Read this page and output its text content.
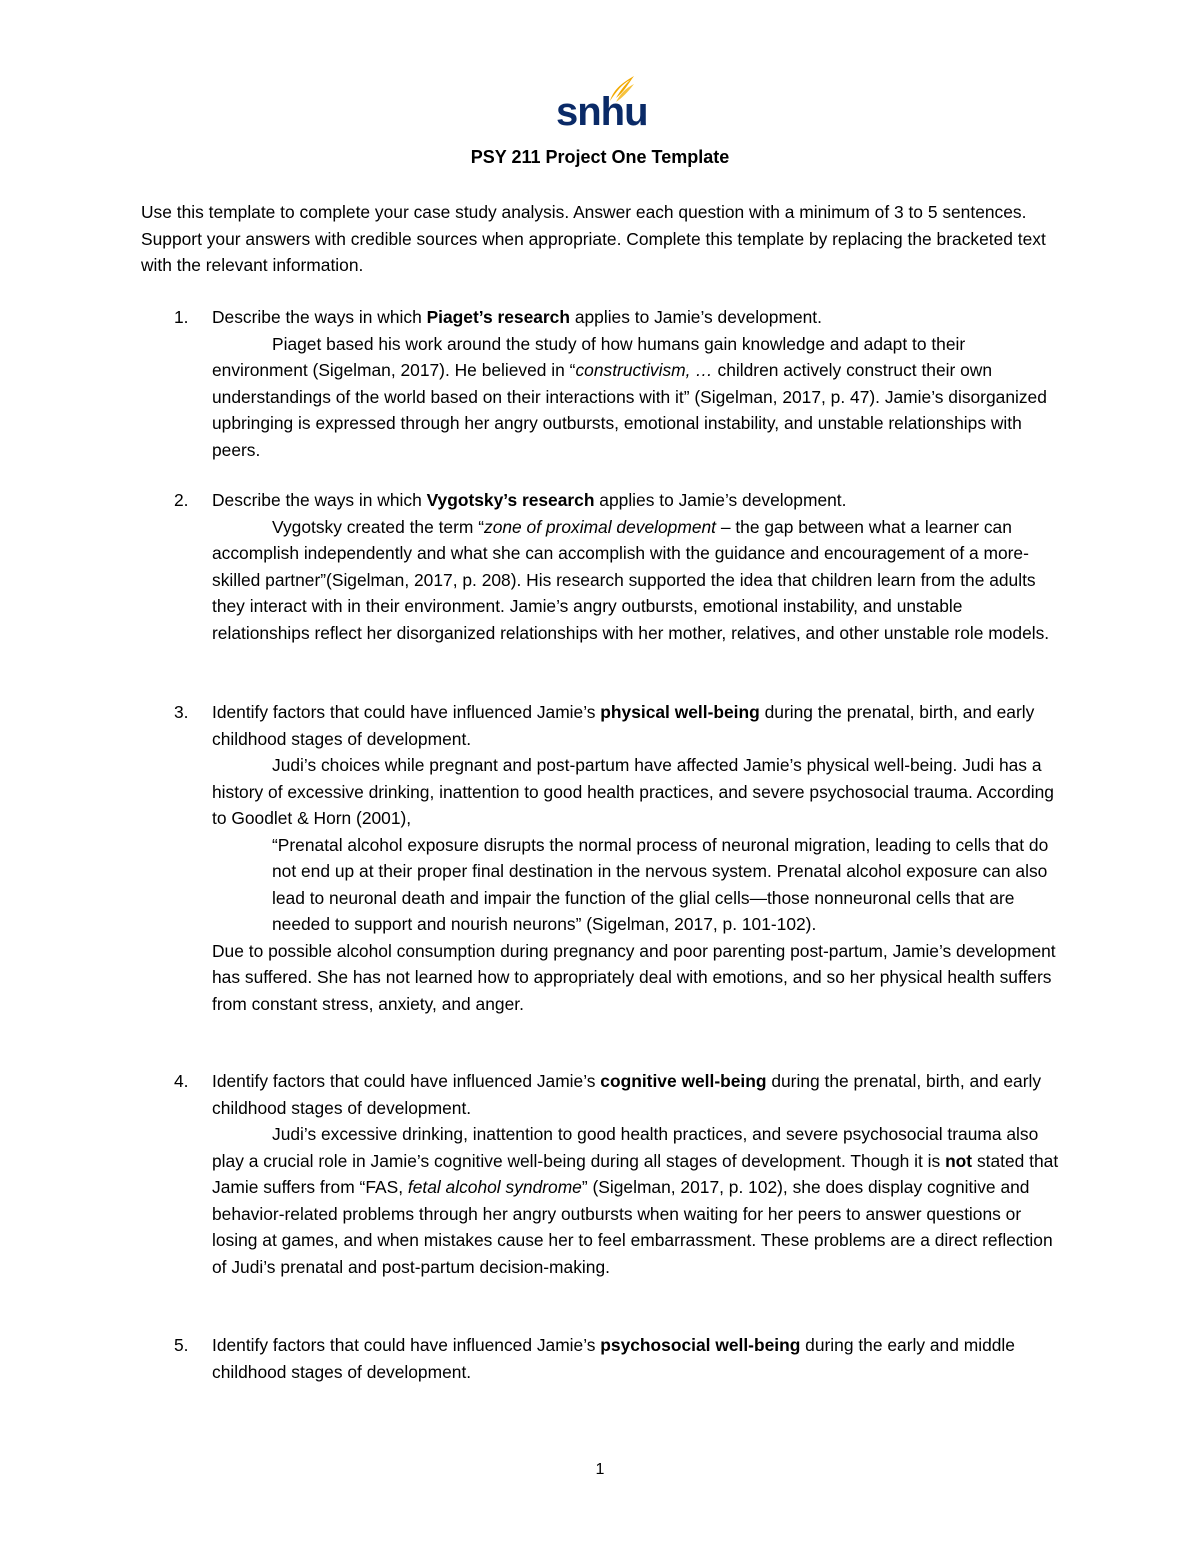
snhu
PSY 211 Project One Template

Use this template to complete your case study analysis. Answer each question with a minimum of 3 to 5 sentences. Support your answers with credible sources when appropriate. Complete this template by replacing the bracketed text with the relevant information.

1. Describe the ways in which Piaget’s research applies to Jamie’s development.

Piaget based his work around the study of how humans gain knowledge and adapt to their environment (Sigelman, 2017). He believed in “constructivism, … children actively construct their own understandings of the world based on their interactions with it” (Sigelman, 2017, p. 47). Jamie’s disorganized upbringing is expressed through her angry outbursts, emotional instability, and unstable relationships with peers.

2. Describe the ways in which Vygotsky’s research applies to Jamie’s development.

Vygotsky created the term “zone of proximal development – the gap between what a learner can accomplish independently and what she can accomplish with the guidance and encouragement of a more-skilled partner”(Sigelman, 2017, p. 208). His research supported the idea that children learn from the adults they interact with in their environment. Jamie’s angry outbursts, emotional instability, and unstable relationships reflect her disorganized relationships with her mother, relatives, and other unstable role models.

3. Identify factors that could have influenced Jamie’s physical well-being during the prenatal, birth, and early childhood stages of development.

Judi’s choices while pregnant and post-partum have affected Jamie’s physical well-being. Judi has a history of excessive drinking, inattention to good health practices, and severe psychosocial trauma. According to Goodlet & Horn (2001),

“Prenatal alcohol exposure disrupts the normal process of neuronal migration, leading to cells that do not end up at their proper final destination in the nervous system. Prenatal alcohol exposure can also lead to neuronal death and impair the function of the glial cells—those nonneuronal cells that are needed to support and nourish neurons” (Sigelman, 2017, p. 101-102).

Due to possible alcohol consumption during pregnancy and poor parenting post-partum, Jamie’s development has suffered. She has not learned how to appropriately deal with emotions, and so her physical health suffers from constant stress, anxiety, and anger.

4. Identify factors that could have influenced Jamie’s cognitive well-being during the prenatal, birth, and early childhood stages of development.

Judi’s excessive drinking, inattention to good health practices, and severe psychosocial trauma also play a crucial role in Jamie’s cognitive well-being during all stages of development. Though it is not stated that Jamie suffers from “FAS, fetal alcohol syndrome” (Sigelman, 2017, p. 102), she does display cognitive and behavior-related problems through her angry outbursts when waiting for her peers to answer questions or losing at games, and when mistakes cause her to feel embarrassment. These problems are a direct reflection of Judi’s prenatal and post-partum decision-making.

5. Identify factors that could have influenced Jamie’s psychosocial well-being during the early and middle childhood stages of development.

1
